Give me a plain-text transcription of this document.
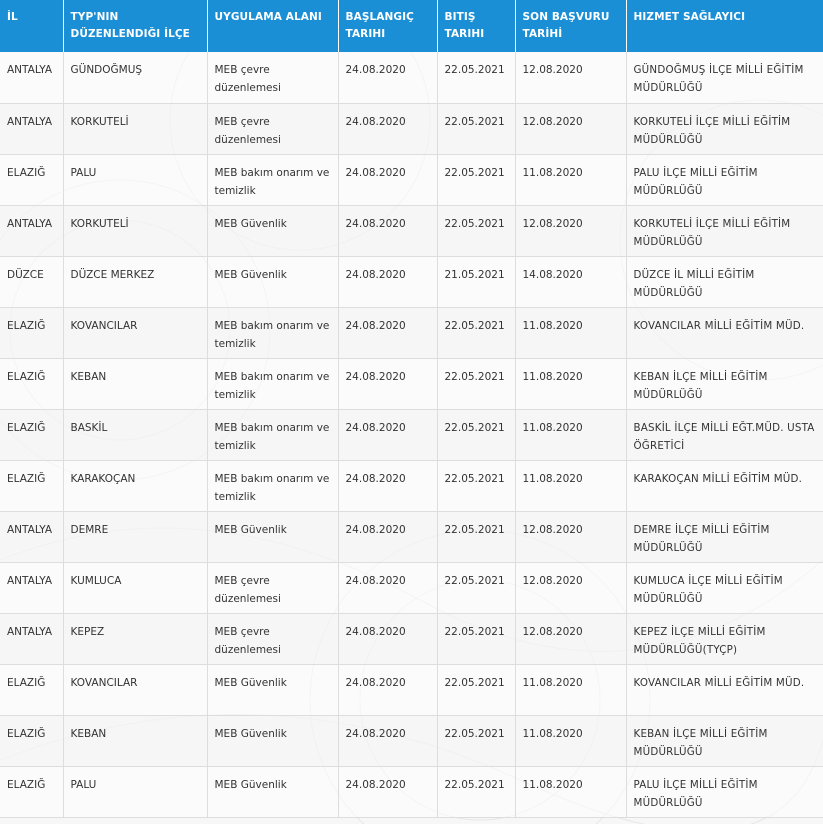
İL	TYP'NIN DÜZENLENDIĞI İLÇE	UYGULAMA ALANI	BAŞLANGIÇ TARIHI	BITIŞ TARIHI	SON BAŞVURU TARİHİ	HIZMET SAĞLAYICI
ANTALYA	GÜNDOĞMUŞ	MEB çevre düzenlemesi	24.08.2020	22.05.2021	12.08.2020	GÜNDOĞMUŞ İLÇE MİLLİ EĞİTİM MÜDÜRLÜĞÜ
ANTALYA	KORKUTELİ	MEB çevre düzenlemesi	24.08.2020	22.05.2021	12.08.2020	KORKUTELİ İLÇE MİLLİ EĞİTİM MÜDÜRLÜĞÜ
ELAZIĞ	PALU	MEB bakım onarım ve temizlik	24.08.2020	22.05.2021	11.08.2020	PALU İLÇE MİLLİ EĞİTİM MÜDÜRLÜĞÜ
ANTALYA	KORKUTELİ	MEB Güvenlik	24.08.2020	22.05.2021	12.08.2020	KORKUTELİ İLÇE MİLLİ EĞİTİM MÜDÜRLÜĞÜ
DÜZCE	DÜZCE MERKEZ	MEB Güvenlik	24.08.2020	21.05.2021	14.08.2020	DÜZCE İL MİLLİ EĞİTİM MÜDÜRLÜĞÜ
ELAZIĞ	KOVANCILAR	MEB bakım onarım ve temizlik	24.08.2020	22.05.2021	11.08.2020	KOVANCILAR MİLLİ EĞİTİM MÜD.
ELAZIĞ	KEBAN	MEB bakım onarım ve temizlik	24.08.2020	22.05.2021	11.08.2020	KEBAN İLÇE MİLLİ EĞİTİM MÜDÜRLÜĞÜ
ELAZIĞ	BASKİL	MEB bakım onarım ve temizlik	24.08.2020	22.05.2021	11.08.2020	BASKİL İLÇE MİLLİ EĞT.MÜD. USTA ÖĞRETİCİ
ELAZIĞ	KARAKOÇAN	MEB bakım onarım ve temizlik	24.08.2020	22.05.2021	11.08.2020	KARAKOÇAN MİLLİ EĞİTİM MÜD.
ANTALYA	DEMRE	MEB Güvenlik	24.08.2020	22.05.2021	12.08.2020	DEMRE İLÇE MİLLİ EĞİTİM MÜDÜRLÜĞÜ
ANTALYA	KUMLUCA	MEB çevre düzenlemesi	24.08.2020	22.05.2021	12.08.2020	KUMLUCA İLÇE MİLLİ EĞİTİM MÜDÜRLÜĞÜ
ANTALYA	KEPEZ	MEB çevre düzenlemesi	24.08.2020	22.05.2021	12.08.2020	KEPEZ İLÇE MİLLİ EĞİTİM MÜDÜRLÜĞÜ(TYÇP)
ELAZIĞ	KOVANCILAR	MEB Güvenlik	24.08.2020	22.05.2021	11.08.2020	KOVANCILAR MİLLİ EĞİTİM MÜD.
ELAZIĞ	KEBAN	MEB Güvenlik	24.08.2020	22.05.2021	11.08.2020	KEBAN İLÇE MİLLİ EĞİTİM MÜDÜRLÜĞÜ
ELAZIĞ	PALU	MEB Güvenlik	24.08.2020	22.05.2021	11.08.2020	PALU İLÇE MİLLİ EĞİTİM MÜDÜRLÜĞÜ
